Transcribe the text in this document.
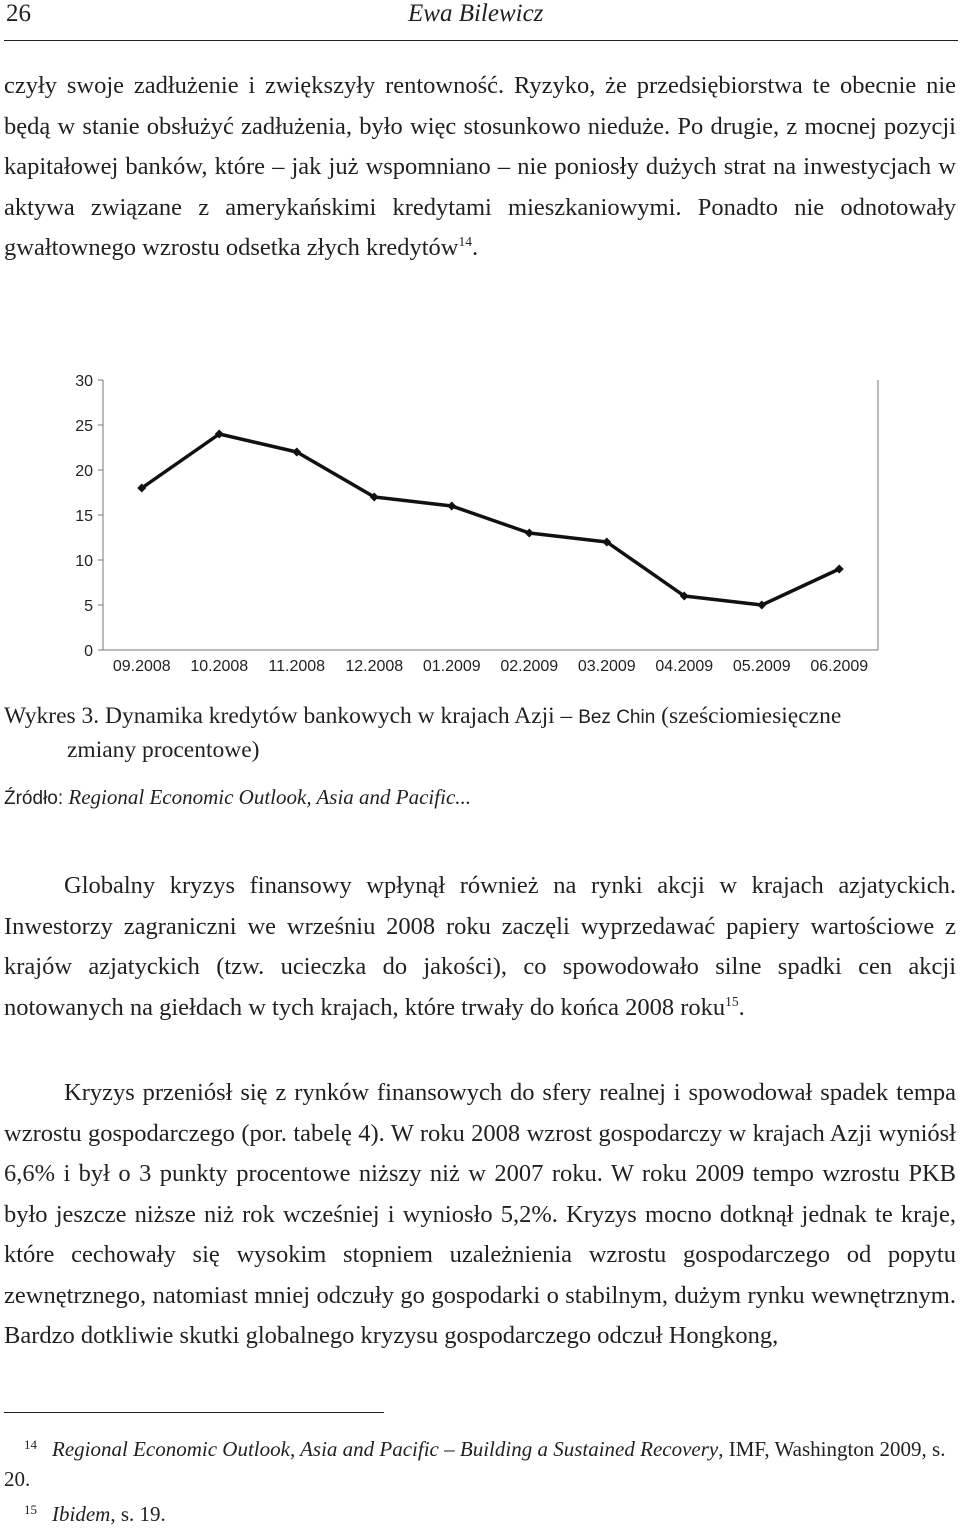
26	Ewa Bilewicz

czyły swoje zadłużenie i zwiększyły rentowność. Ryzyko, że przedsiębiorstwa te obecnie nie będą w stanie obsłużyć zadłużenia, było więc stosunkowo nieduże. Po drugie, z mocnej pozycji kapitałowej banków, które – jak już wspomniano – nie poniosły dużych strat na inwestycjach w aktywa związane z amerykańskimi kredytami mieszkaniowymi. Ponadto nie odnotowały gwałtownego wzrostu odsetka złych kredytów$^{14}$.

0
5
10
15
20
25
30
09.2008 10.2008 11.2008 12.2008 01.2009 02.2009 03.2009 04.2009 05.2009 06.2009
Wykres 3. Dynamika kredytów bankowych w krajach Azji – Bez Chin (sześciomiesięczne
zmiany procentowe)
Źródło: Regional Economic Outlook, Asia and Pacific...

Globalny kryzys finansowy wpłynął również na rynki akcji w krajach azjatyckich. Inwestorzy zagraniczni we wrześniu 2008 roku zaczęli wyprzedawać papiery wartościowe z krajów azjatyckich (tzw. ucieczka do jakości), co spowodowało silne spadki cen akcji notowanych na giełdach w tych krajach, które trwały do końca 2008 roku$^{15}$.

Kryzys przeniósł się z rynków finansowych do sfery realnej i spowodował spadek tempa wzrostu gospodarczego (por. tabelę 4). W roku 2008 wzrost gospodarczy w krajach Azji wyniósł 6,6% i był o 3 punkty procentowe niższy niż w 2007 roku. W roku 2009 tempo wzrostu PKB było jeszcze niższe niż rok wcześniej i wyniosło 5,2%. Kryzys mocno dotknął jednak te kraje, które cechowały się wysokim stopniem uzależnienia wzrostu gospodarczego od popytu zewnętrznego, natomiast mniej odczuły go gospodarki o stabilnym, dużym rynku wewnętrznym. Bardzo dotkliwie skutki globalnego kryzysu gospodarczego odczuł Hongkong,

14 Regional Economic Outlook, Asia and Pacific – Building a Sustained Recovery, IMF, Washington 2009, s. 20.
15 Ibidem, s. 19.
